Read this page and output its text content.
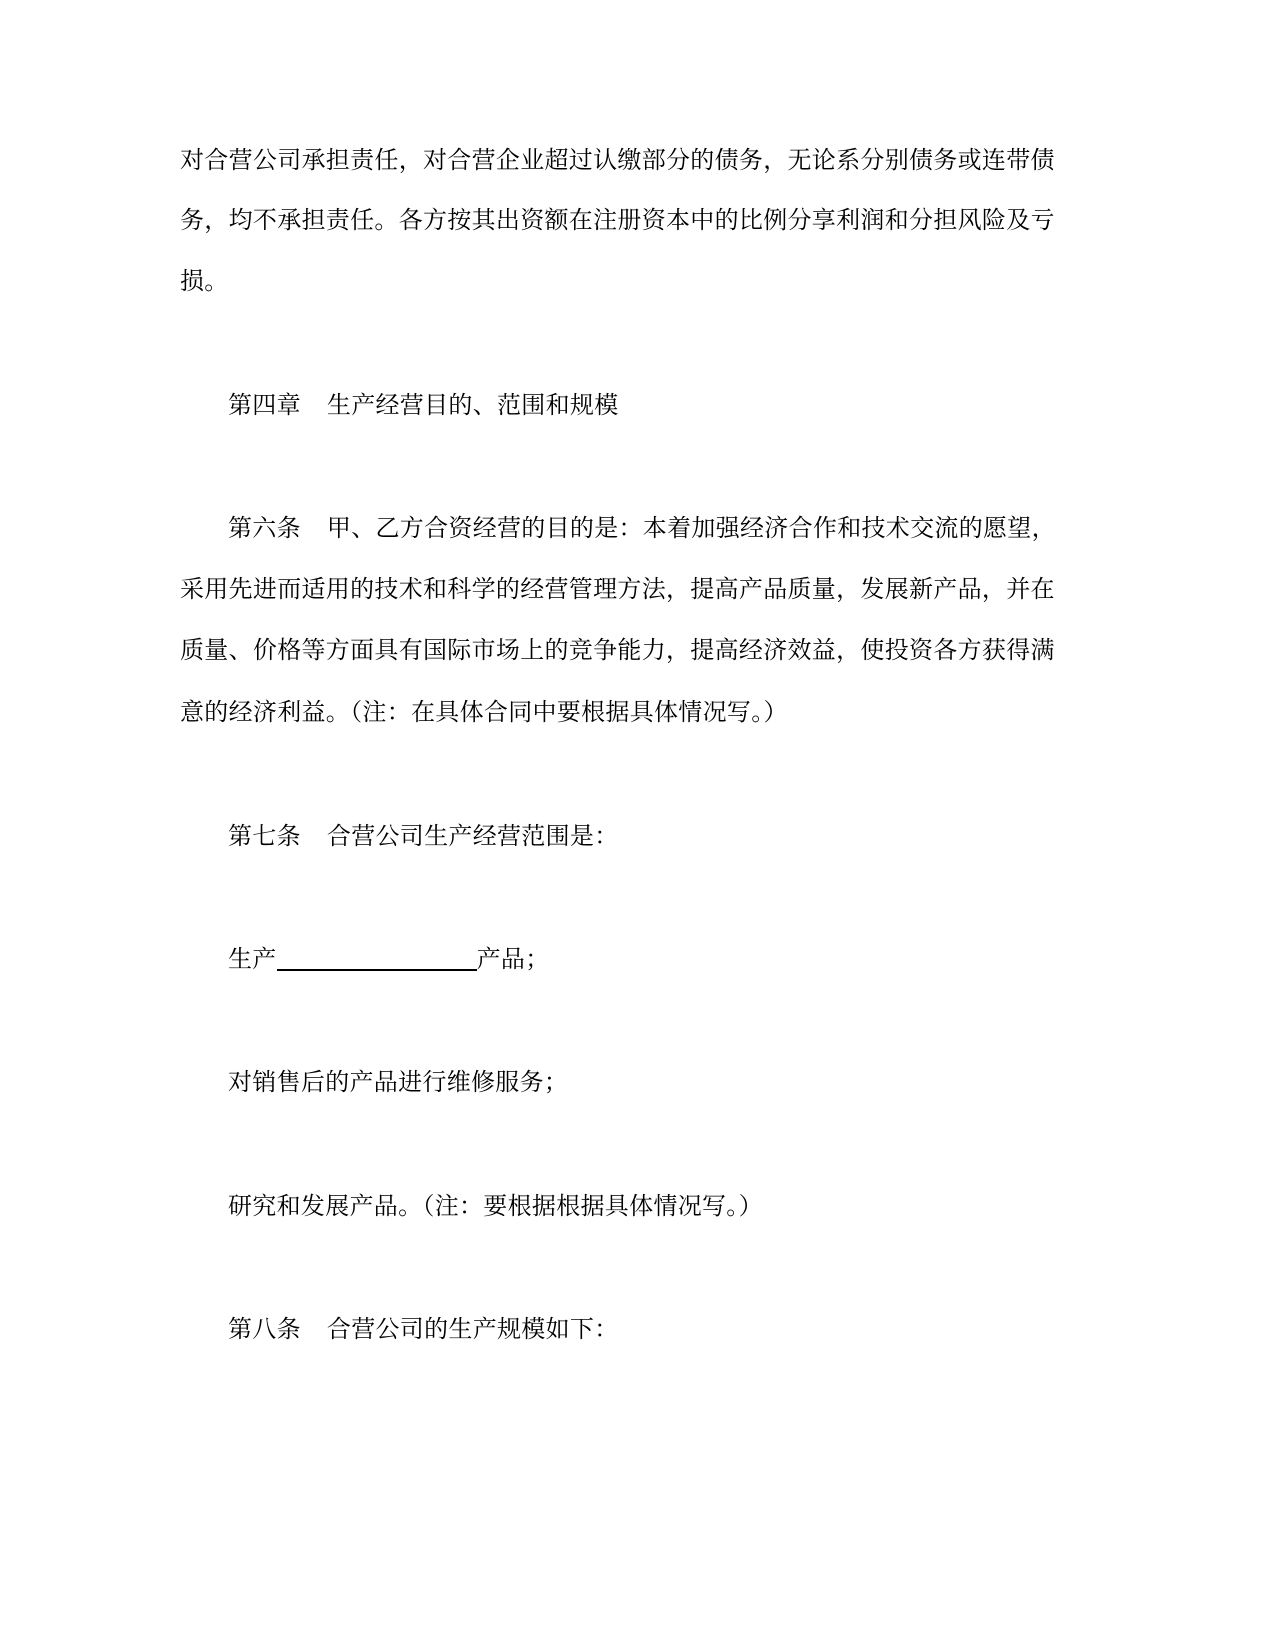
对合营公司承担责任，对合营企业超过认缴部分的债务，无论系分别债务或连带债
务，均不承担责任。各方按其出资额在注册资本中的比例分享利润和分担风险及亏
损。
第四章 生产经营目的、范围和规模
第六条 甲、乙方合资经营的目的是：本着加强经济合作和技术交流的愿望，
采用先进而适用的技术和科学的经营管理方法，提高产品质量，发展新产品，并在
质量、价格等方面具有国际市场上的竞争能力，提高经济效益，使投资各方获得满
意的经济利益。（注：在具体合同中要根据具体情况写。）
第七条 合营公司生产经营范围是：
生产	产品；
对销售后的产品进行维修服务；
研究和发展产品。（注：要根据根据具体情况写。）
第八条 合营公司的生产规模如下：
